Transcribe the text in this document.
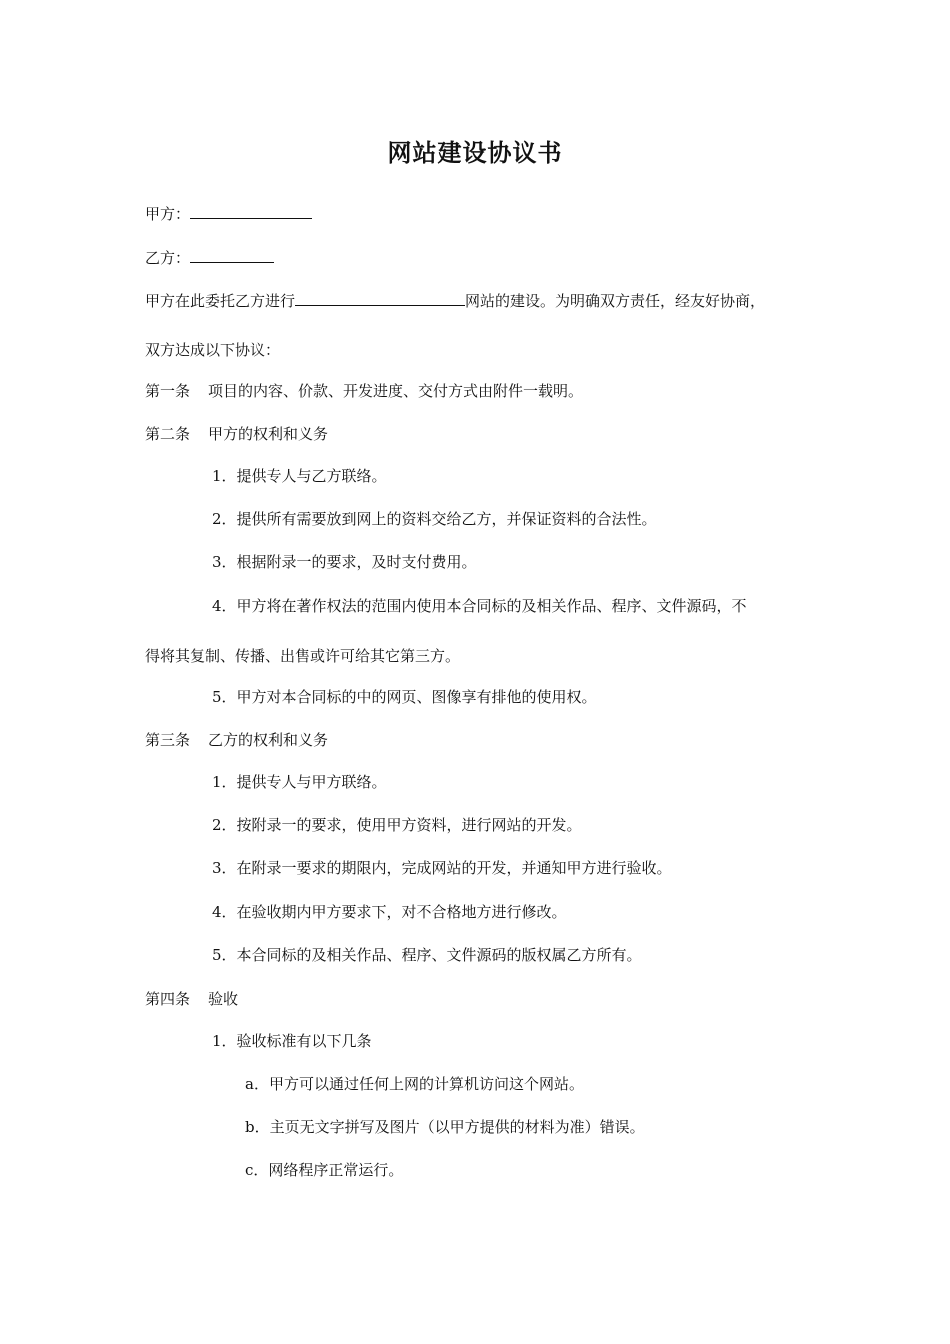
网站建设协议书
甲方：
乙方：
甲方在此委托乙方进行	网站的建设。为明确双方责任，经友好协商，
双方达成以下协议：
第一条 项目的内容、价款、开发进度、交付方式由附件一载明。
第二条 甲方的权利和义务
1．提供专人与乙方联络。
2．提供所有需要放到网上的资料交给乙方，并保证资料的合法性。
3．根据附录一的要求，及时支付费用。
4．甲方将在著作权法的范围内使用本合同标的及相关作品、程序、文件源码，不
得将其复制、传播、出售或许可给其它第三方。
5．甲方对本合同标的中的网页、图像享有排他的使用权。
第三条 乙方的权利和义务
1．提供专人与甲方联络。
2．按附录一的要求，使用甲方资料，进行网站的开发。
3．在附录一要求的期限内，完成网站的开发，并通知甲方进行验收。
4．在验收期内甲方要求下，对不合格地方进行修改。
5．本合同标的及相关作品、程序、文件源码的版权属乙方所有。
第四条 验收
1．验收标准有以下几条
a．甲方可以通过任何上网的计算机访问这个网站。
b．主页无文字拼写及图片（以甲方提供的材料为准）错误。
c．网络程序正常运行。
